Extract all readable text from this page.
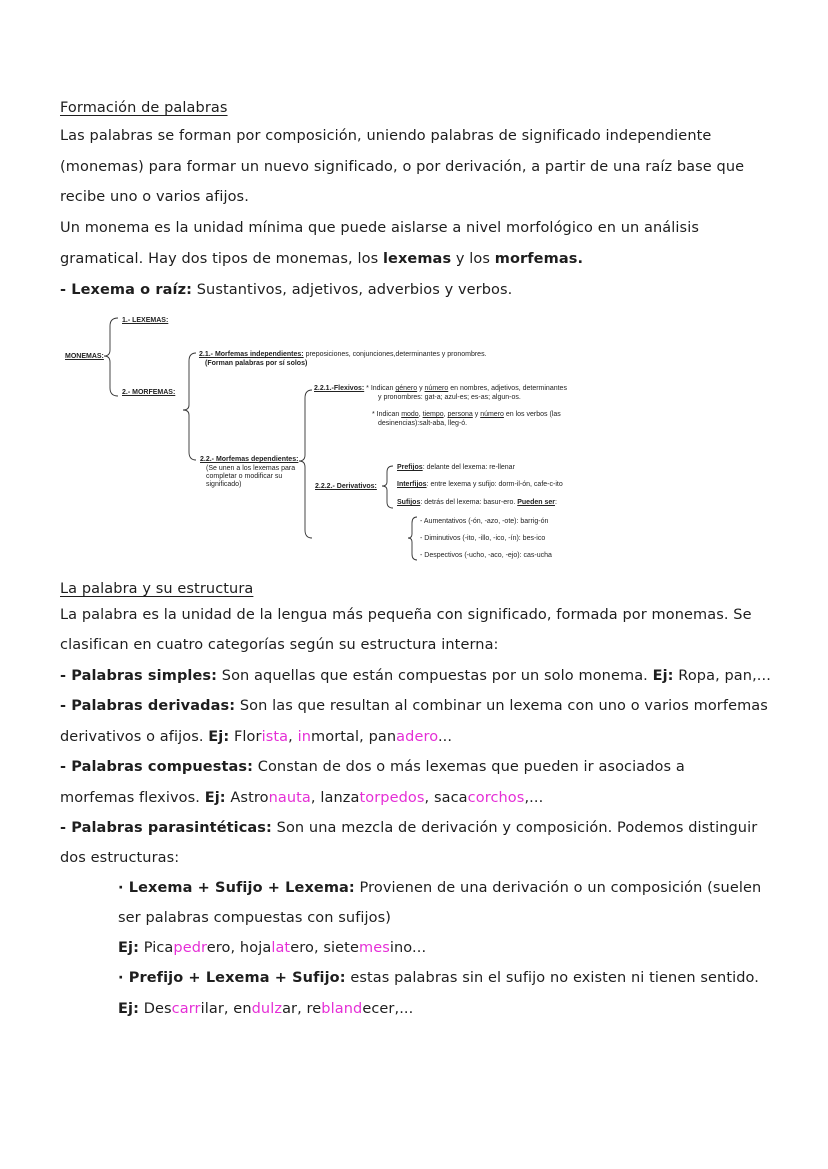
Formación de palabras
Las palabras se forman por composición, uniendo palabras de significado independiente
(monemas) para formar un nuevo significado, o por derivación, a partir de una raíz base que
recibe uno o varios afijos.
Un monema es la unidad mínima que puede aislarse a nivel morfológico en un análisis
gramatical. Hay dos tipos de monemas, los lexemas y los morfemas.
- Lexema o raíz: Sustantivos, adjetivos, adverbios y verbos.
MONEMAS:
1.- LEXEMAS:
2.- MORFEMAS:
2.1.- Morfemas independientes: preposiciones, conjunciones,determinantes y pronombres.
(Forman palabras por sí solos)
2.2.1.-Flexivos: * Indican género y número en nombres, adjetivos, determinantes
y pronombres: gat-a; azul-es; es-as; algun-os.
* Indican modo, tiempo, persona y número en los verbos (las
desinencias):salt-aba, lleg-ó.
2.2.- Morfemas dependientes:
(Se unen a los lexemas para
completar o modificar su
significado)	2.2.2.- Derivativos:
Prefijos: delante del lexema: re-llenar
Interfijos: entre lexema y sufijo: dorm-il-ón, cafe-c-ito
Sufijos: detrás del lexema: basur-ero. Pueden ser:
- Aumentativos (-ón, -azo, -ote): barrig-ón
- Diminutivos (-ito, -illo, -ico, -ín): bes-ico
- Despectivos (-ucho, -aco, -ejo): cas-ucha
La palabra y su estructura
La palabra es la unidad de la lengua más pequeña con significado, formada por monemas. Se
clasifican en cuatro categorías según su estructura interna:
- Palabras simples: Son aquellas que están compuestas por un solo monema. Ej: Ropa, pan,...
- Palabras derivadas: Son las que resultan al combinar un lexema con uno o varios morfemas
derivativos o afijos. Ej: Florista, inmortal, panadero...
- Palabras compuestas: Constan de dos o más lexemas que pueden ir asociados a
morfemas flexivos. Ej: Astronauta, lanzatorpedos, sacacorchos,...
- Palabras parasintéticas: Son una mezcla de derivación y composición. Podemos distinguir
dos estructuras:
· Lexema + Sufijo + Lexema: Provienen de una derivación o un composición (suelen
ser palabras compuestas con sufijos)
Ej: Picapedrero, hojalatero, sietemesino...
· Prefijo + Lexema + Sufijo: estas palabras sin el sufijo no existen ni tienen sentido.
Ej: Descarrilar, endulzar, reblandecer,...
